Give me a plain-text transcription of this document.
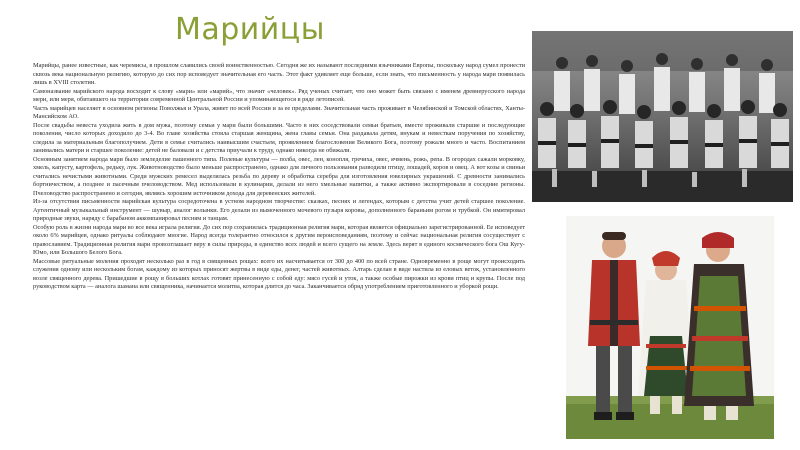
Марийцы

Марийцы, ранее известные, как черемисы, в прошлом славились своей воинственностью. Сегодня же их называют последними язычниками Европы, поскольку народ сумел пронести сквозь века национальную религию, которую до сих пор исповедует значительная его часть. Этот факт удивляет еще больше, если знать, что письменность у народа мари появилась лишь в XVIII столетии.

Самоназвание марийского народа восходит к слову «мари» или «марий», что значит «человек». Ряд ученых считает, что оно может быть связано с именем древнерусского народа мери, или меря, обитавшего на территории современной Центральной России и упоминающегося в ряде летописей.

Часть марийцев населяет в основном регионы Поволжья и Урала, живет по всей России и за ее пределами. Значительная часть проживает в Челябинской и Томской областях, Ханты-Мансийском АО.

После свадьбы невеста уходила жить в дом мужа, поэтому семьи у мари были большими. Часто в них соседствовали семьи братьев, вместе проживали старшие и последующие поколения, число которых доходило до 3-4. Во главе хозяйства стояла старшая женщина, жена главы семьи. Она раздавала детям, внукам и невесткам поручения по хозяйству, следила за материальным благополучием. Дети в семье считались наивысшим счастьем, проявлением благословения Великого Бога, поэтому рожали много и часто. Воспитанием занимались матери и старшее поколение: детей не баловали и с детства приучали к труду, однако никогда не обижали.

Основным занятием народа мари было земледелие пашенного типа. Полевые культуры — полба, овес, лен, конопля, гречиха, овес, ячмень, рожь, репа. В огородах сажали морковку, хмель, капусту, картофель, редьку, лук. Животноводство было меньше распространено, однако для личного пользования разводили птицу, лошадей, коров и овец. А вот козы и свиньи считались нечистыми животными. Среди мужских ремесел выделялась резьба по дереву и обработка серебра для изготовления ювелирных украшений. С древности занимались бортничеством, а позднее и пасечным пчеловодством. Мед использовали в кулинарии, делали из него хмельные напитки, а также активно экспортировали в соседние регионы. Пчеловодство распространено и сегодня, являясь хорошим источником дохода для деревенских жителей.

Из-за отсутствия письменности марийская культура сосредоточена в устном народном творчестве: сказках, песнях и легендах, которым с детства учит детей старшее поколение. Аутентичный музыкальный инструмент — шувыр, аналог волынки. Его делали из вымоченного мочевого пузыря коровы, дополненного бараньим рогом и трубкой. Он имитировал природные звуки, наряду с барабаном аккомпанировал песням и танцам.

Особую роль в жизни народа мари во все века играла религия. До сих пор сохранилась традиционная религия мари, которая является официально зарегистрированной. Ее исповедует около 6% марийцев, однако ритуалы соблюдают многие. Народ всегда толерантно относился к другим вероисповеданиям, поэтому и сейчас национальная религия сосуществует с православием. Традиционная религия мари провозглашает веру в силы природы, в единство всех людей и всего сущего на земле. Здесь верят в единого космического бога Ош Кугу-Юмо, или Большого Белого Бога.

Массовые ритуальные моления проходят несколько раз в год в священных рощах: всего их насчитывается от 300 до 400 по всей стране. Одновременно в роще могут происходить служения одному или нескольким богам, каждому из которых приносят жертвы в виде еды, денег, частей животных. Алтарь сделан в виде настила из еловых веток, установленного возле священного дерева. Пришедшие в рощу в больших котлах готовят принесенную с собой еду: мясо гусей и уток, а также особые пирожки из крови птиц и крупы. После под руководством карта — аналога шамана или священника, начинается молитва, которая длится до часа. Заканчивается обряд употреблением приготовленного и уборкой рощи.
